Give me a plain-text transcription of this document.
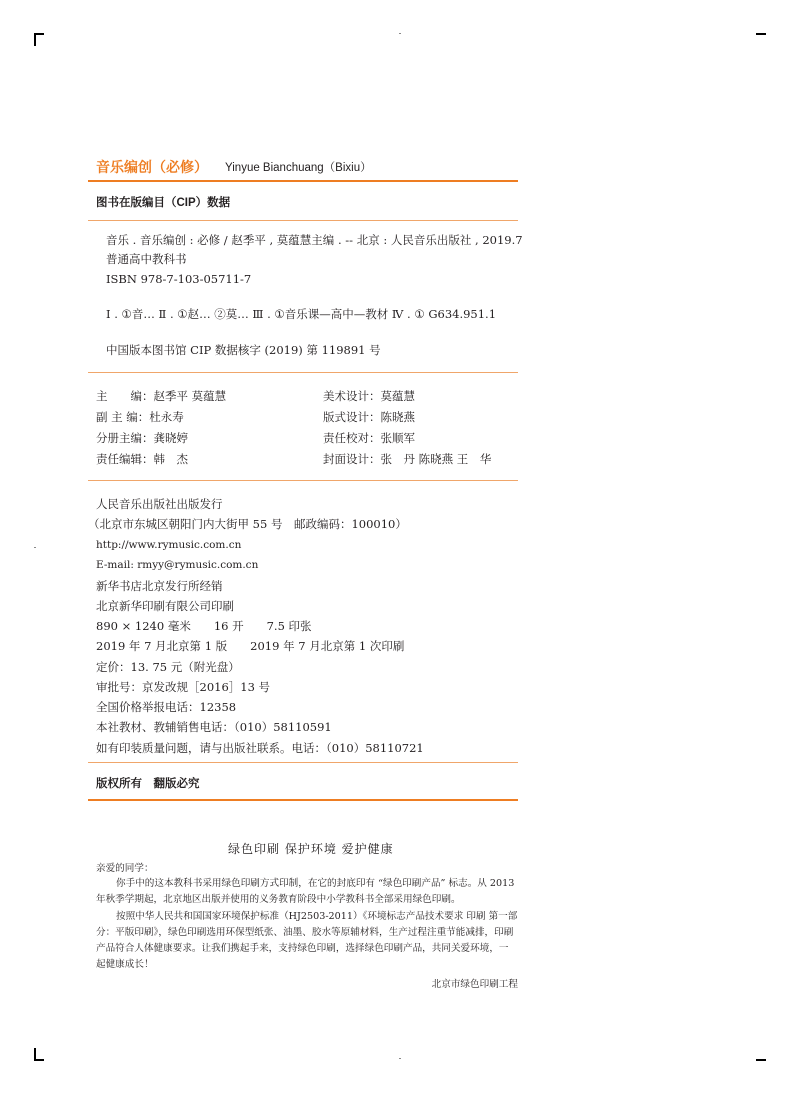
音乐编创（必修） Yinyue Bianchuang（Bixiu）
图书在版编目（CIP）数据
音乐 . 音乐编创 : 必修 / 赵季平 , 莫蕴慧主编 . -- 北京 : 人民音乐出版社 , 2019.7
普通高中教科书
ISBN 978-7-103-05711-7
Ⅰ . ①音… Ⅱ . ①赵… ②莫… Ⅲ . ①音乐课—高中—教材 Ⅳ . ① G634.951.1
中国版本图书馆 CIP 数据核字 (2019) 第 119891 号
主　　编：赵季平 莫蕴慧
副 主 编：杜永寿
分册主编：龚晓婷
责任编辑：韩　杰
美术设计：莫蕴慧
版式设计：陈晓燕
责任校对：张顺军
封面设计：张　丹 陈晓燕 王　华
人民音乐出版社出版发行
（北京市东城区朝阳门内大街甲 55 号　邮政编码：100010）
http://www.rymusic.com.cn
E-mail: rmyy@rymusic.com.cn
新华书店北京发行所经销
北京新华印刷有限公司印刷
890 × 1240 毫米　　16 开　　7.5 印张
2019 年 7 月北京第 1 版　　2019 年 7 月北京第 1 次印刷
定价：13. 75 元（附光盘）
审批号：京发改规［2016］13 号
全国价格举报电话：12358
本社教材、教辅销售电话：（010）58110591
如有印装质量问题，请与出版社联系。电话：（010）58110721
版权所有　翻版必究
绿色印刷 保护环境 爱护健康
亲爱的同学：
你手中的这本教科书采用绿色印刷方式印制，在它的封底印有 “绿色印刷产品” 标志。从 2013 年秋季学期起，北京地区出版并使用的义务教育阶段中小学教科书全部采用绿色印刷。
按照中华人民共和国国家环境保护标准（HJ2503-2011）《环境标志产品技术要求 印刷 第一部分：平版印刷》，绿色印刷选用环保型纸张、油墨、胶水等原辅材料，生产过程注重节能减排，印刷产品符合人体健康要求。让我们携起手来，支持绿色印刷，选择绿色印刷产品，共同关爱环境，一起健康成长！
北京市绿色印刷工程
